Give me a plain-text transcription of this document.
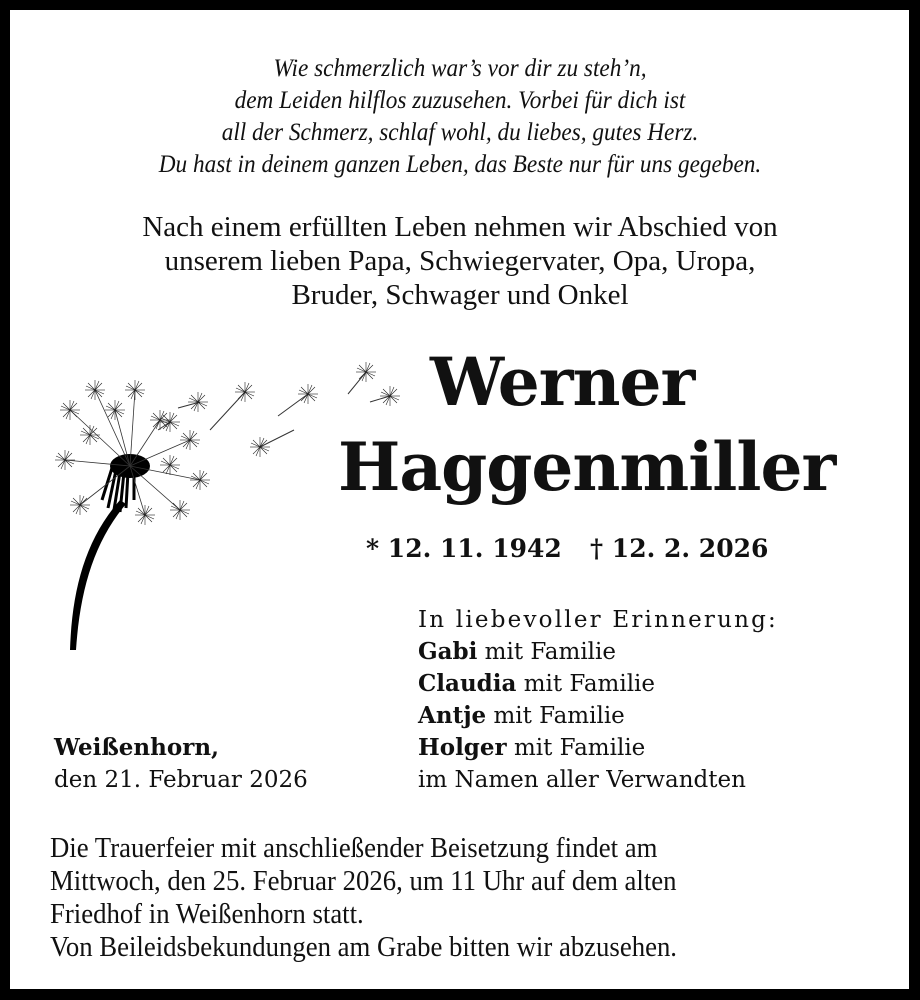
Wie schmerzlich war’s vor dir zu steh’n,
dem Leiden hilflos zuzusehen. Vorbei für dich ist
all der Schmerz, schlaf wohl, du liebes, gutes Herz.
Du hast in deinem ganzen Leben, das Beste nur für uns gegeben.
Nach einem erfüllten Leben nehmen wir Abschied von
unserem lieben Papa, Schwiegervater, Opa, Uropa,
Bruder, Schwager und Onkel
Werner
Haggenmiller
* 12. 11. 1942 † 12. 2. 2026
In liebevoller Erinnerung:
Gabi mit Familie
Claudia mit Familie
Antje mit Familie
Holger mit Familie
im Namen aller Verwandten
Weißenhorn,
den 21. Februar 2026
Die Trauerfeier mit anschließender Beisetzung findet am
Mittwoch, den 25. Februar 2026, um 11 Uhr auf dem alten
Friedhof in Weißenhorn statt.
Von Beileidsbekundungen am Grabe bitten wir abzusehen.
